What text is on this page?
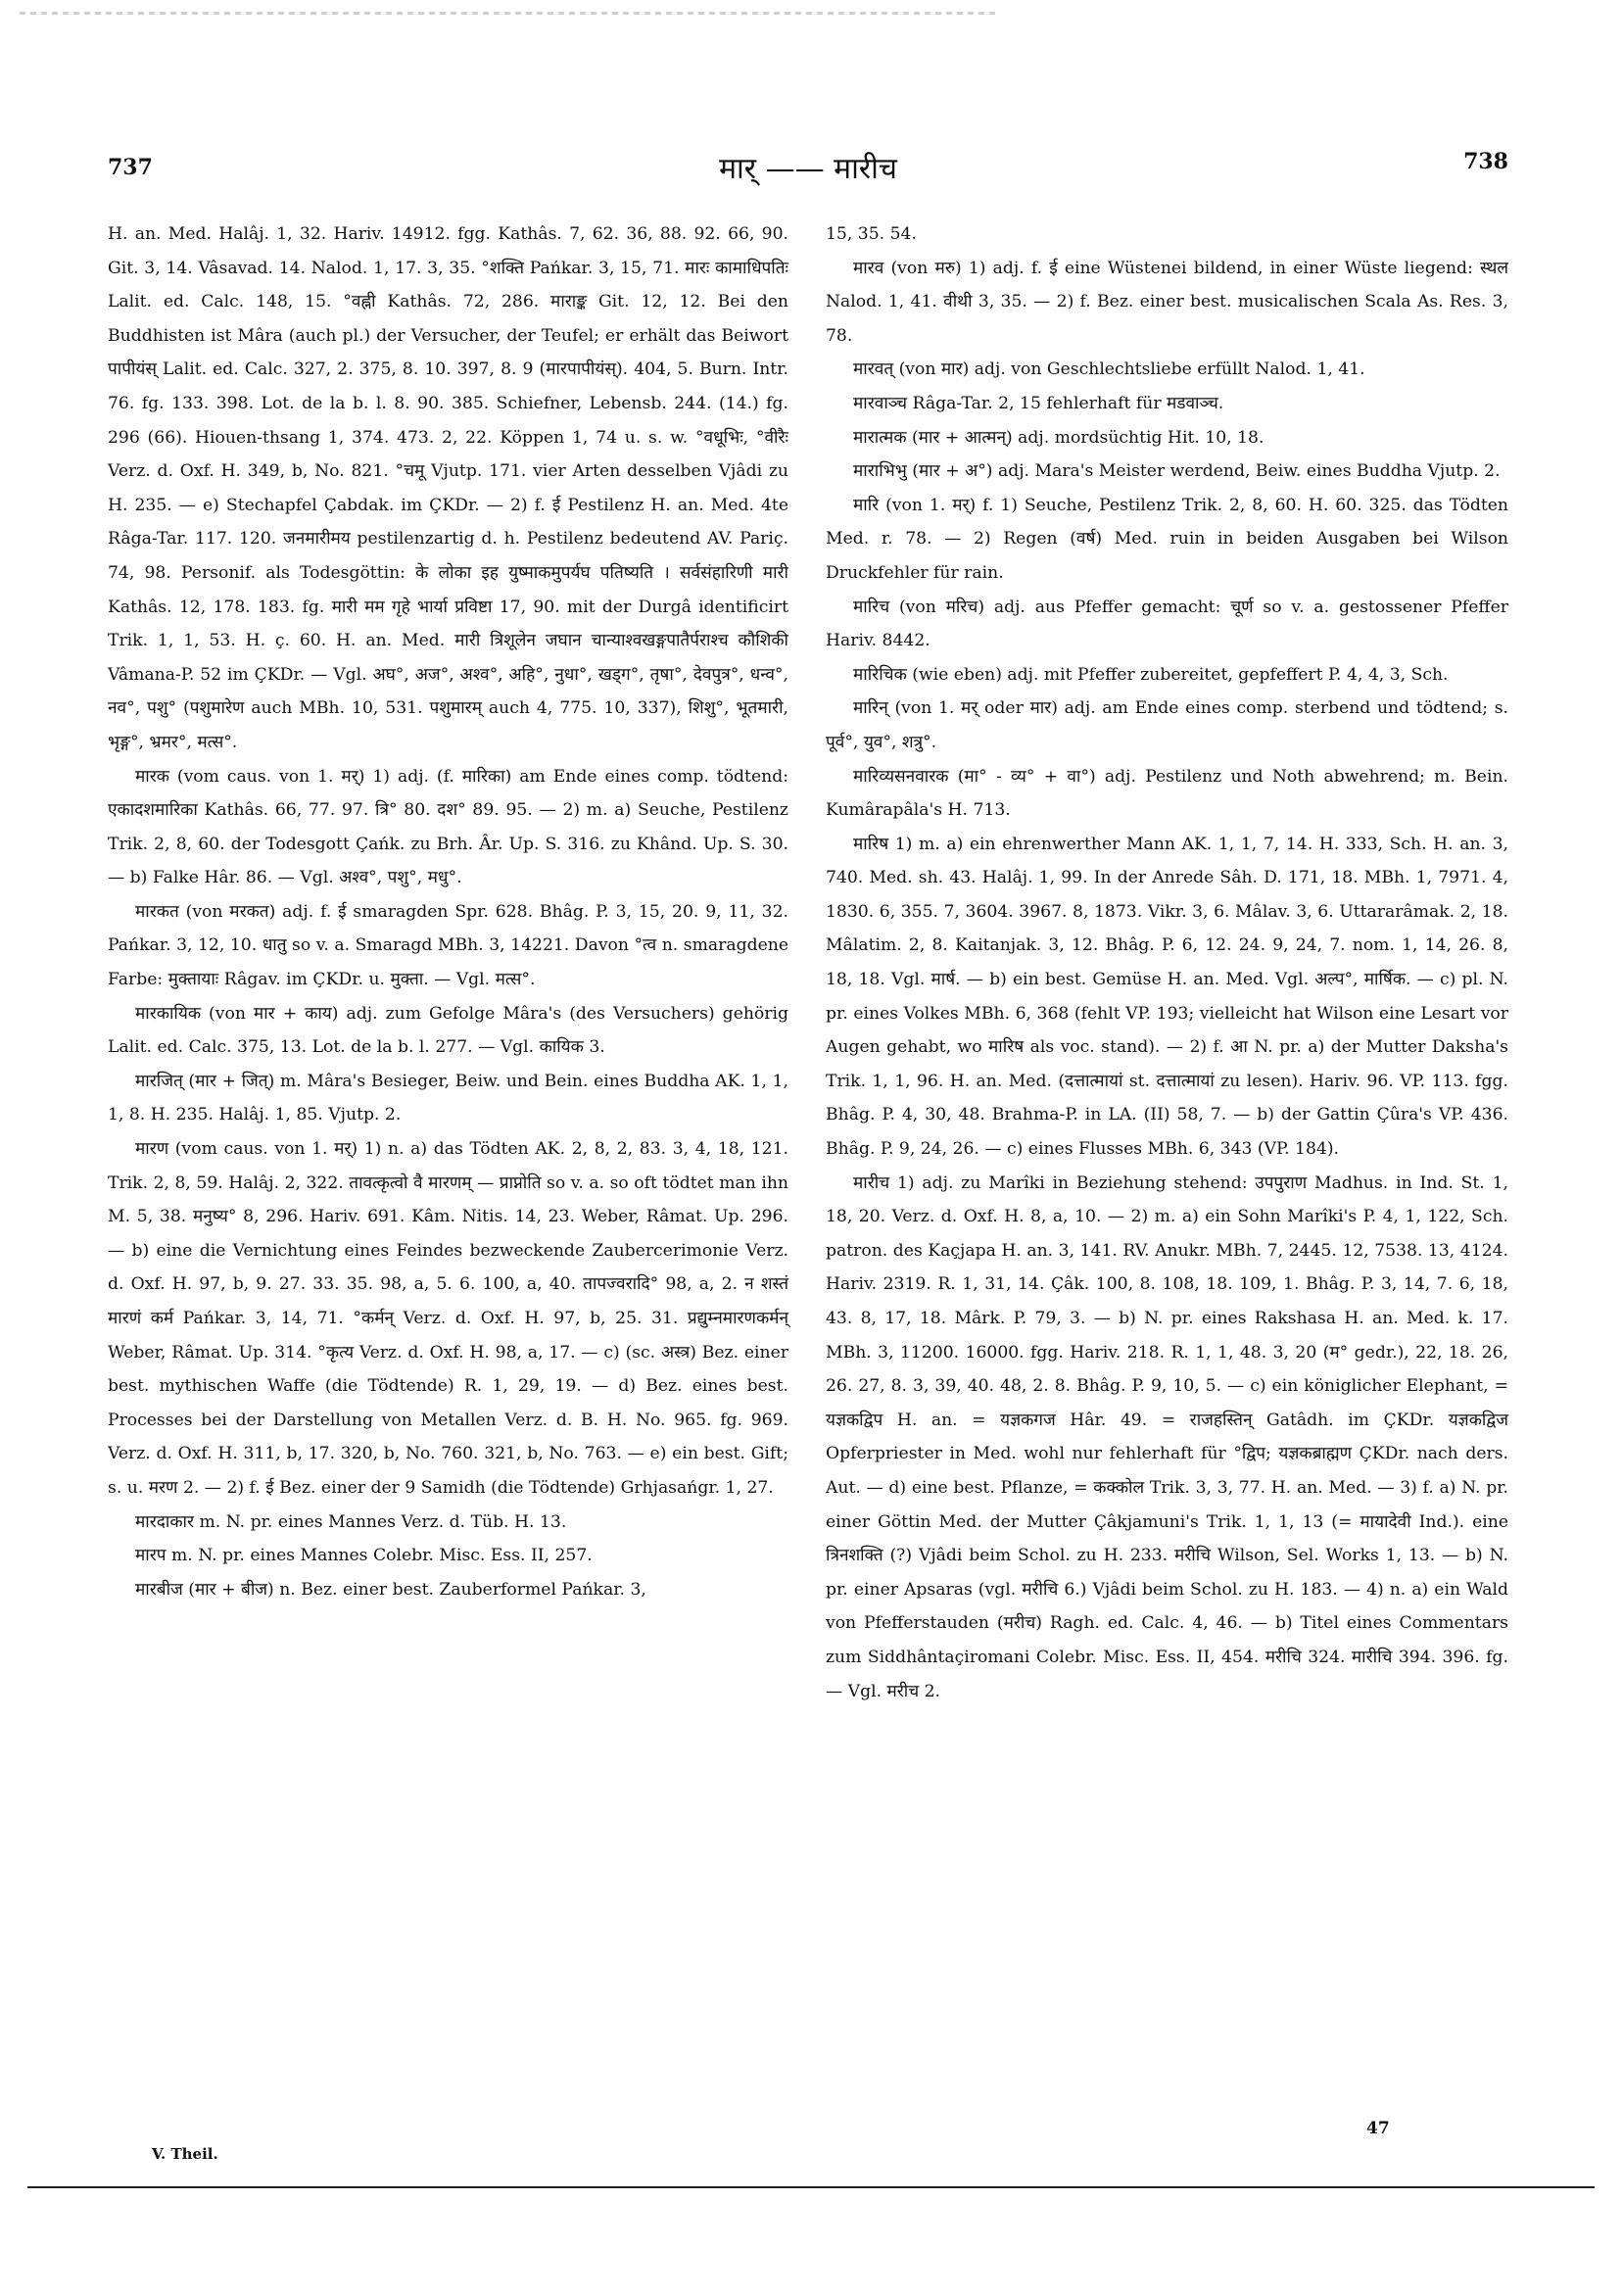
737	मार् —— मारीच	738

H. an. Med. Halâj. 1, 32. Hariv. 14912. fgg. Kathâs. 7, 62. 36, 88. 92. 66, 90. Git. 3, 14. Vâsavad. 14. Nalod. 1, 17. 3, 35. °शक्ति Pańkar. 3, 15, 71. मारः कामाधिपतिः Lalit. ed. Calc. 148, 15. °वह्नी Kathâs. 72, 286. माराङ्क Git. 12, 12. Bei den Buddhisten ist Mâra (auch pl.) der Versucher, der Teufel; er erhält das Beiwort पापीयंस् Lalit. ed. Calc. 327, 2. 375, 8. 10. 397, 8. 9 (मारपापीयंस्). 404, 5. Burn. Intr. 76. fg. 133. 398. Lot. de la b. l. 8. 90. 385. Schiefner, Lebensb. 244. (14.) fg. 296 (66). Hiouen-thsang 1, 374. 473. 2, 22. Köppen 1, 74 u. s. w. °वधूभिः, °वीरैः Verz. d. Oxf. H. 349, b, No. 821. °चमू Vjutp. 171. vier Arten desselben Vjâdi zu H. 235. — e) Stechapfel Çabdak. im ÇKDr. — 2) f. ई Pestilenz H. an. Med. 4te Râga-Tar. 117. 120. जनमारीमय pestilenzartig d. h. Pestilenz bedeutend AV. Pariç. 74, 98. Personif. als Todesgöttin: के लोका इह युष्माकमुपर्यघ पतिष्यति । सर्वसंहारिणी मारी Kathâs. 12, 178. 183. fg. मारी मम गृहे भार्या प्रविष्टा 17, 90. mit der Durgâ identificirt Trik. 1, 1, 53. H. ç. 60. H. an. Med. मारी त्रिशूलेन जघान चान्याश्वखङ्गपातैर्पराश्च कौशिकी Vâmana-P. 52 im ÇKDr. — Vgl. अघ°, अज°, अश्व°, अहि°, नुधा°, खड्ग°, तृषा°, देवपुत्र°, धन्व°, नव°, पशु° (पशुमारेण auch MBh. 10, 531. पशुमारम् auch 4, 775. 10, 337), शिशु°, भूतमारी, भृङ्ग°, भ्रमर°, मत्स°.

मारक (vom caus. von 1. मर्) 1) adj. (f. मारिका) am Ende eines comp. tödtend: एकादशमारिका Kathâs. 66, 77. 97. त्रि° 80. दश° 89. 95. — 2) m. a) Seuche, Pestilenz Trik. 2, 8, 60. der Todesgott Çańk. zu Brh. Âr. Up. S. 316. zu Khând. Up. S. 30. — b) Falke Hâr. 86. — Vgl. अश्व°, पशु°, मधु°.

मारकत (von मरकत) adj. f. ई smaragden Spr. 628. Bhâg. P. 3, 15, 20. 9, 11, 32. Pańkar. 3, 12, 10. धातु so v. a. Smaragd MBh. 3, 14221. Davon °त्व n. smaragdene Farbe: मुक्तायाः Râgav. im ÇKDr. u. मुक्ता. — Vgl. मत्स°.

मारकायिक (von मार + काय) adj. zum Gefolge Mâra's (des Versuchers) gehörig Lalit. ed. Calc. 375, 13. Lot. de la b. l. 277. — Vgl. कायिक 3.

मारजित् (मार + जित्) m. Mâra's Besieger, Beiw. und Bein. eines Buddha AK. 1, 1, 1, 8. H. 235. Halâj. 1, 85. Vjutp. 2.

मारण (vom caus. von 1. मर्) 1) n. a) das Tödten AK. 2, 8, 2, 83. 3, 4, 18, 121. Trik. 2, 8, 59. Halâj. 2, 322. तावत्कृत्वो वै मारणम् — प्राप्नोति so v. a. so oft tödtet man ihn M. 5, 38. मनुष्य° 8, 296. Hariv. 691. Kâm. Nitis. 14, 23. Weber, Râmat. Up. 296. — b) eine die Vernichtung eines Feindes bezweckende Zaubercerimonie Verz. d. Oxf. H. 97, b, 9. 27. 33. 35. 98, a, 5. 6. 100, a, 40. तापज्वरादि° 98, a, 2. न शस्तं मारणं कर्म Pańkar. 3, 14, 71. °कर्मन् Verz. d. Oxf. H. 97, b, 25. 31. प्रद्युम्नमारणकर्मन् Weber, Râmat. Up. 314. °कृत्य Verz. d. Oxf. H. 98, a, 17. — c) (sc. अस्त्र) Bez. einer best. mythischen Waffe (die Tödtende) R. 1, 29, 19. — d) Bez. eines best. Processes bei der Darstellung von Metallen Verz. d. B. H. No. 965. fg. 969. Verz. d. Oxf. H. 311, b, 17. 320, b, No. 760. 321, b, No. 763. — e) ein best. Gift; s. u. मरण 2. — 2) f. ई Bez. einer der 9 Samidh (die Tödtende) Grhjasańgr. 1, 27.

मारदाकार m. N. pr. eines Mannes Verz. d. Tüb. H. 13.

मारप m. N. pr. eines Mannes Colebr. Misc. Ess. II, 257.

मारबीज (मार + बीज) n. Bez. einer best. Zauberformel Pańkar. 3,

15, 35. 54.

मारव (von मरु) 1) adj. f. ई eine Wüstenei bildend, in einer Wüste liegend: स्थल Nalod. 1, 41. वीथी 3, 35. — 2) f. Bez. einer best. musicalischen Scala As. Res. 3, 78.

मारवत् (von मार) adj. von Geschlechtsliebe erfüllt Nalod. 1, 41.

मारवाञ्च Râga-Tar. 2, 15 fehlerhaft für मडवाञ्च.

मारात्मक (मार + आत्मन्) adj. mordsüchtig Hit. 10, 18.

माराभिभु (मार + अ°) adj. Mara's Meister werdend, Beiw. eines Buddha Vjutp. 2.

मारि (von 1. मर्) f. 1) Seuche, Pestilenz Trik. 2, 8, 60. H. 60. 325. das Tödten Med. r. 78. — 2) Regen (वर्ष) Med. ruin in beiden Ausgaben bei Wilson Druckfehler für rain.

मारिच (von मरिच) adj. aus Pfeffer gemacht: चूर्ण so v. a. gestossener Pfeffer Hariv. 8442.

मारिचिक (wie eben) adj. mit Pfeffer zubereitet, gepfeffert P. 4, 4, 3, Sch.

मारिन् (von 1. मर् oder मार) adj. am Ende eines comp. sterbend und tödtend; s. पूर्व°, युव°, शत्रु°.

मारिव्यसनवारक (मा° - व्य° + वा°) adj. Pestilenz und Noth abwehrend; m. Bein. Kumârapâla's H. 713.

मारिष 1) m. a) ein ehrenwerther Mann AK. 1, 1, 7, 14. H. 333, Sch. H. an. 3, 740. Med. sh. 43. Halâj. 1, 99. In der Anrede Sâh. D. 171, 18. MBh. 1, 7971. 4, 1830. 6, 355. 7, 3604. 3967. 8, 1873. Vikr. 3, 6. Mâlav. 3, 6. Uttararâmak. 2, 18. Mâlatim. 2, 8. Kaitanjak. 3, 12. Bhâg. P. 6, 12. 24. 9, 24, 7. nom. 1, 14, 26. 8, 18, 18. Vgl. मार्ष. — b) ein best. Gemüse H. an. Med. Vgl. अल्प°, मार्षिक. — c) pl. N. pr. eines Volkes MBh. 6, 368 (fehlt VP. 193; vielleicht hat Wilson eine Lesart vor Augen gehabt, wo मारिष als voc. stand). — 2) f. आ N. pr. a) der Mutter Daksha's Trik. 1, 1, 96. H. an. Med. (दत्तात्मायां st. दत्तात्मायां zu lesen). Hariv. 96. VP. 113. fgg. Bhâg. P. 4, 30, 48. Brahma-P. in LA. (II) 58, 7. — b) der Gattin Çûra's VP. 436. Bhâg. P. 9, 24, 26. — c) eines Flusses MBh. 6, 343 (VP. 184).

मारीच 1) adj. zu Marîki in Beziehung stehend: उपपुराण Madhus. in Ind. St. 1, 18, 20. Verz. d. Oxf. H. 8, a, 10. — 2) m. a) ein Sohn Marîki's P. 4, 1, 122, Sch. patron. des Kaçjapa H. an. 3, 141. RV. Anukr. MBh. 7, 2445. 12, 7538. 13, 4124. Hariv. 2319. R. 1, 31, 14. Çâk. 100, 8. 108, 18. 109, 1. Bhâg. P. 3, 14, 7. 6, 18, 43. 8, 17, 18. Mârk. P. 79, 3. — b) N. pr. eines Rakshasa H. an. Med. k. 17. MBh. 3, 11200. 16000. fgg. Hariv. 218. R. 1, 1, 48. 3, 20 (म° gedr.), 22, 18. 26, 26. 27, 8. 3, 39, 40. 48, 2. 8. Bhâg. P. 9, 10, 5. — c) ein königlicher Elephant, = यज्ञकद्विप H. an. = यज्ञकगज Hâr. 49. = राजहस्तिन् Gatâdh. im ÇKDr. यज्ञकद्विज Opferpriester in Med. wohl nur fehlerhaft für °द्विप; यज्ञकब्राह्मण ÇKDr. nach ders. Aut. — d) eine best. Pflanze, = कक्कोल Trik. 3, 3, 77. H. an. Med. — 3) f. a) N. pr. einer Göttin Med. der Mutter Çâkjamuni's Trik. 1, 1, 13 (= मायादेवी Ind.). eine त्रिनशक्ति (?) Vjâdi beim Schol. zu H. 233. मरीचि Wilson, Sel. Works 1, 13. — b) N. pr. einer Apsaras (vgl. मरीचि 6.) Vjâdi beim Schol. zu H. 183. — 4) n. a) ein Wald von Pfefferstauden (मरीच) Ragh. ed. Calc. 4, 46. — b) Titel eines Commentars zum Siddhântaçiromani Colebr. Misc. Ess. II, 454. मरीचि 324. मारीचि 394. 396. fg. — Vgl. मरीच 2.

V. Theil.
47
